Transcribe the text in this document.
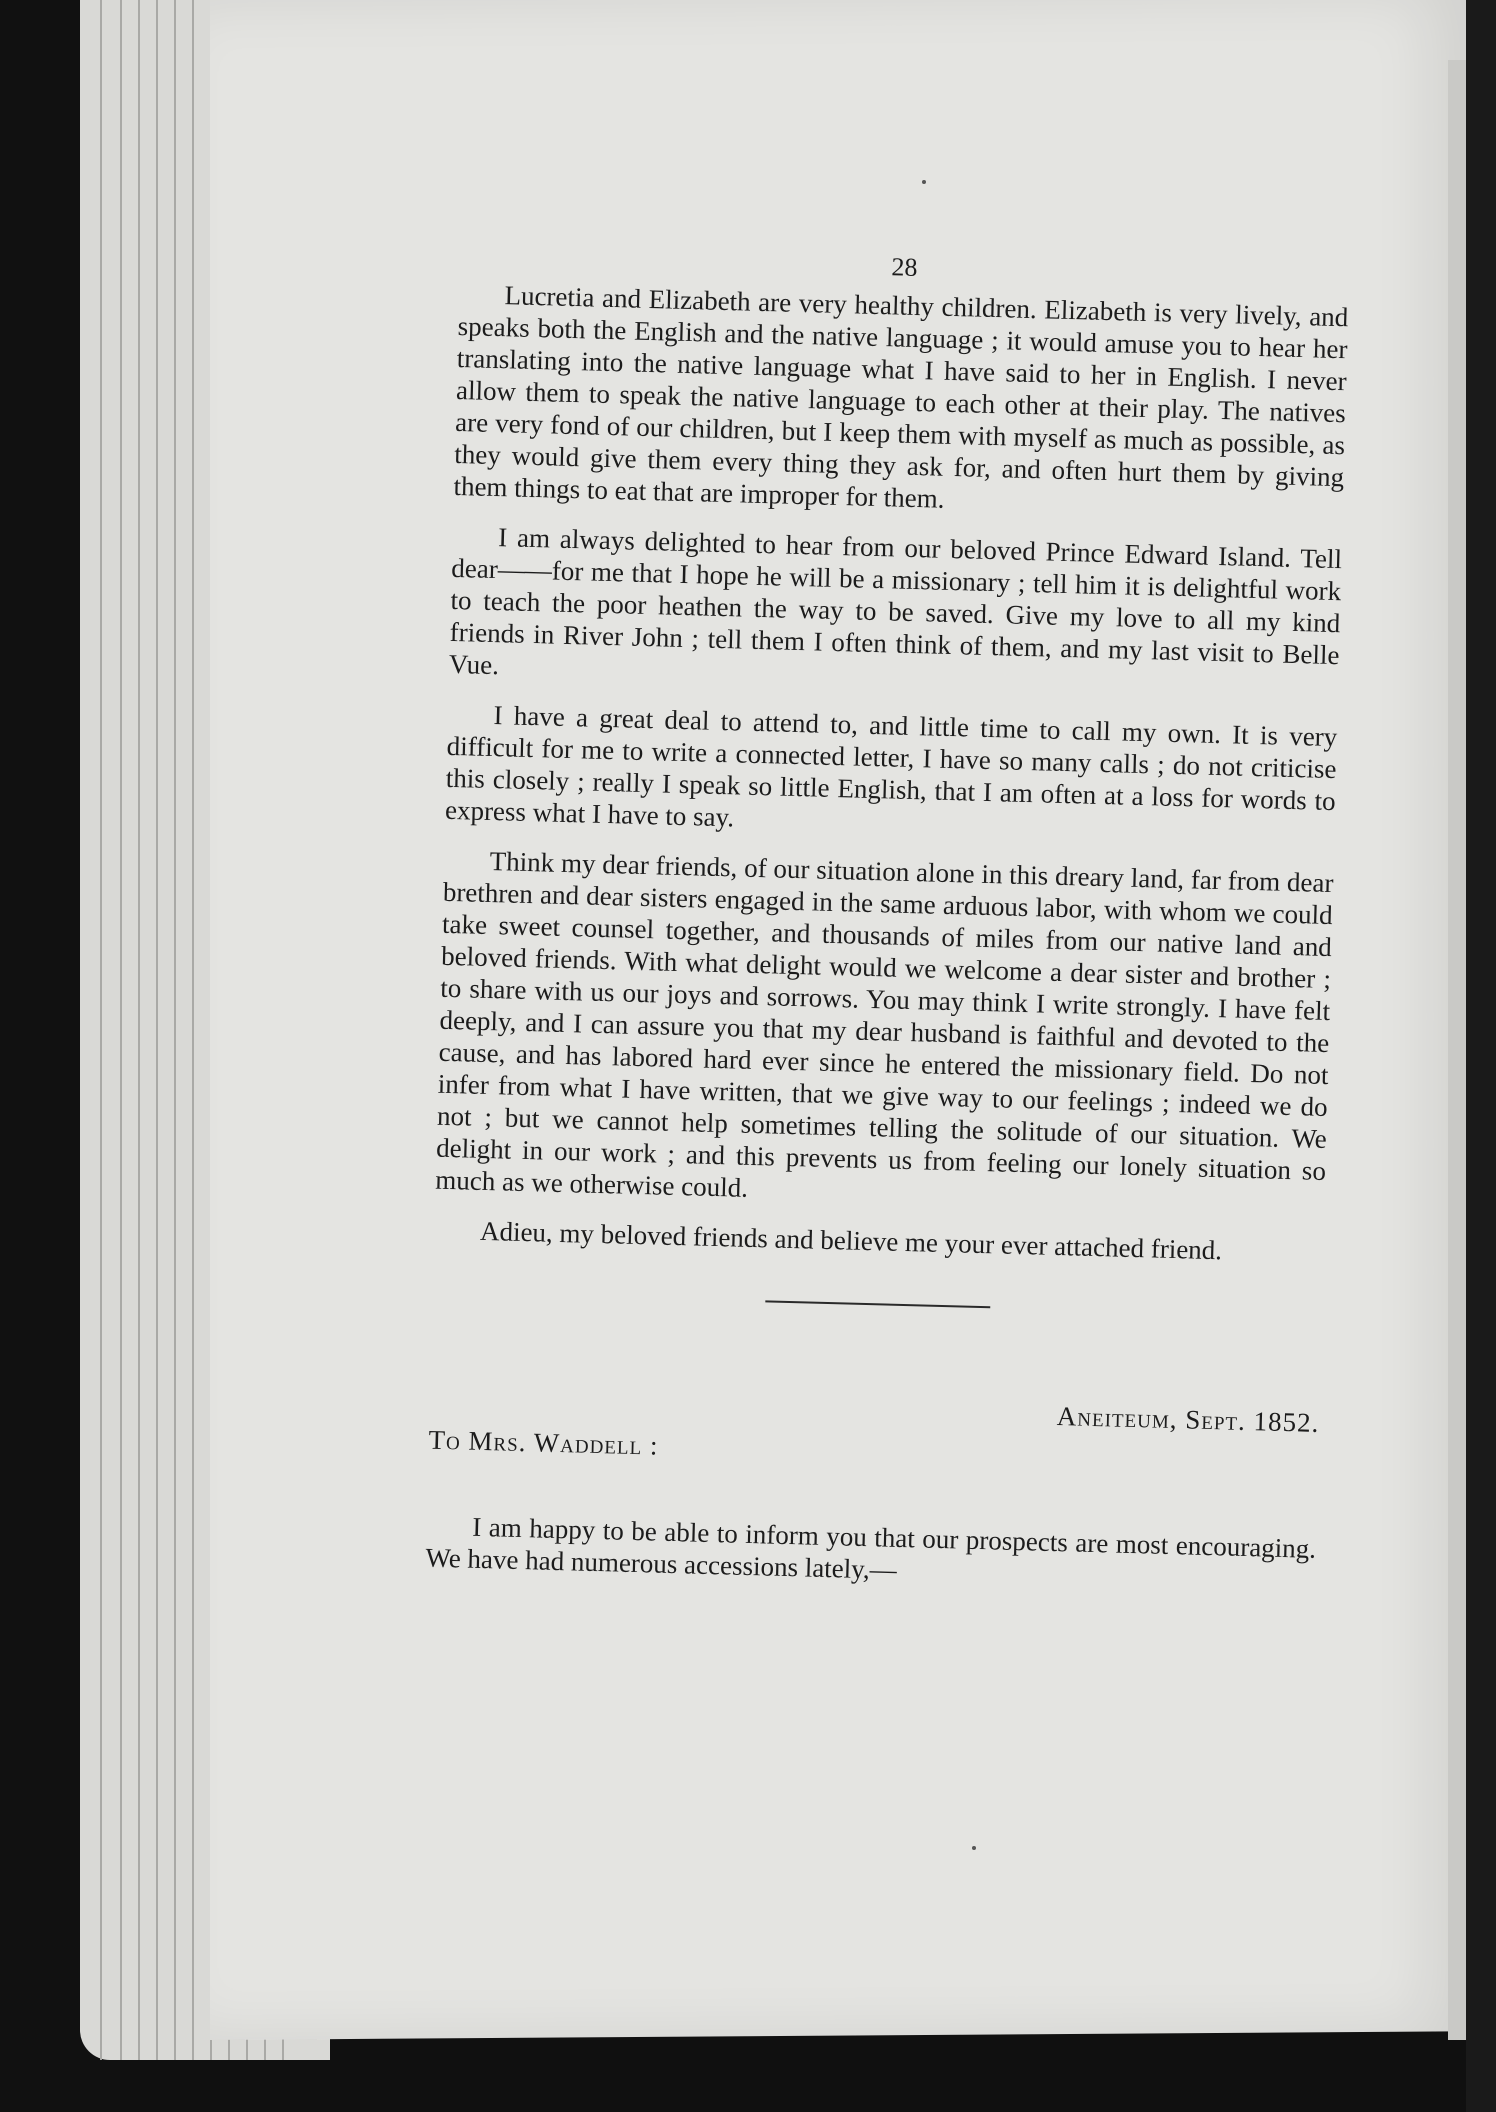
28

Lucretia and Elizabeth are very healthy children. Elizabeth is very lively, and speaks both the English and the native language ; it would amuse you to hear her translating into the native language what I have said to her in English. I never allow them to speak the native language to each other at their play. The natives are very fond of our children, but I keep them with myself as much as possible, as they would give them every thing they ask for, and often hurt them by giving them things to eat that are improper for them.

I am always delighted to hear from our beloved Prince Edward Island. Tell dear——for me that I hope he will be a missionary ; tell him it is delightful work to teach the poor heathen the way to be saved. Give my love to all my kind friends in River John ; tell them I often think of them, and my last visit to Belle Vue.

I have a great deal to attend to, and little time to call my own. It is very difficult for me to write a connected letter, I have so many calls ; do not criticise this closely ; really I speak so little English, that I am often at a loss for words to express what I have to say.

Think my dear friends, of our situation alone in this dreary land, far from dear brethren and dear sisters engaged in the same arduous labor, with whom we could take sweet counsel together, and thousands of miles from our native land and beloved friends. With what delight would we welcome a dear sister and brother ; to share with us our joys and sorrows. You may think I write strongly. I have felt deeply, and I can assure you that my dear husband is faithful and devoted to the cause, and has labored hard ever since he entered the missionary field. Do not infer from what I have written, that we give way to our feelings ; indeed we do not ; but we cannot help sometimes telling the solitude of our situation. We delight in our work ; and this prevents us from feeling our lonely situation so much as we otherwise could.

Adieu, my beloved friends and believe me your ever attached friend.

Aneiteum, Sept. 1852.
To Mrs. Waddell :

I am happy to be able to inform you that our prospects are most encouraging. We have had numerous accessions lately,—
